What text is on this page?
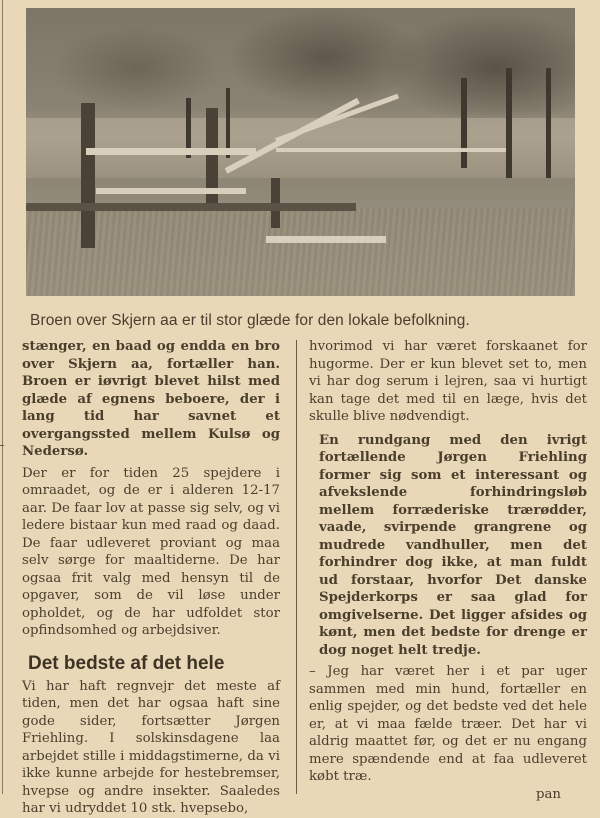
Broen over Skjern aa er til stor glæde for den lokale befolkning.

stænger, en baad og endda en bro over Skjern aa, fortæller han. Broen er iøvrigt blevet hilst med glæde af egnens beboere, der i lang tid har savnet et overgangssted mellem Kulsø og Nedersø.

Der er for tiden 25 spejdere i omraadet, og de er i alderen 12-17 aar. De faar lov at passe sig selv, og vi ledere bistaar kun med raad og daad. De faar udleveret proviant og maa selv sørge for maaltiderne. De har ogsaa frit valg med hensyn til de opgaver, som de vil løse under opholdet, og de har udfoldet stor opfindsomhed og arbejdsiver.

Det bedste af det hele

Vi har haft regnvejr det meste af tiden, men det har ogsaa haft sine gode sider, fortsætter Jørgen Friehling. I solskinsdagene laa arbejdet stille i middagstimerne, da vi ikke kunne arbejde for hestebremser, hvepse og andre insekter. Saaledes har vi udryddet 10 stk. hvepsebo,

hvorimod vi har været forskaanet for hugorme. Der er kun blevet set to, men vi har dog serum i lejren, saa vi hurtigt kan tage det med til en læge, hvis det skulle blive nødvendigt.

En rundgang med den ivrigt fortællende Jørgen Friehling former sig som et interessant og afvekslende forhindringsløb mellem forræderiske trærødder, vaade, svirpende grangrene og mudrede vandhuller, men det forhindrer dog ikke, at man fuldt ud forstaar, hvorfor Det danske Spejderkorps er saa glad for omgivelserne. Det ligger afsides og kønt, men det bedste for drenge er dog noget helt tredje.

– Jeg har været her i et par uger sammen med min hund, fortæller en enlig spejder, og det bedste ved det hele er, at vi maa fælde træer. Det har vi aldrig maattet før, og det er nu engang mere spændende end at faa udleveret købt træ.

pan
